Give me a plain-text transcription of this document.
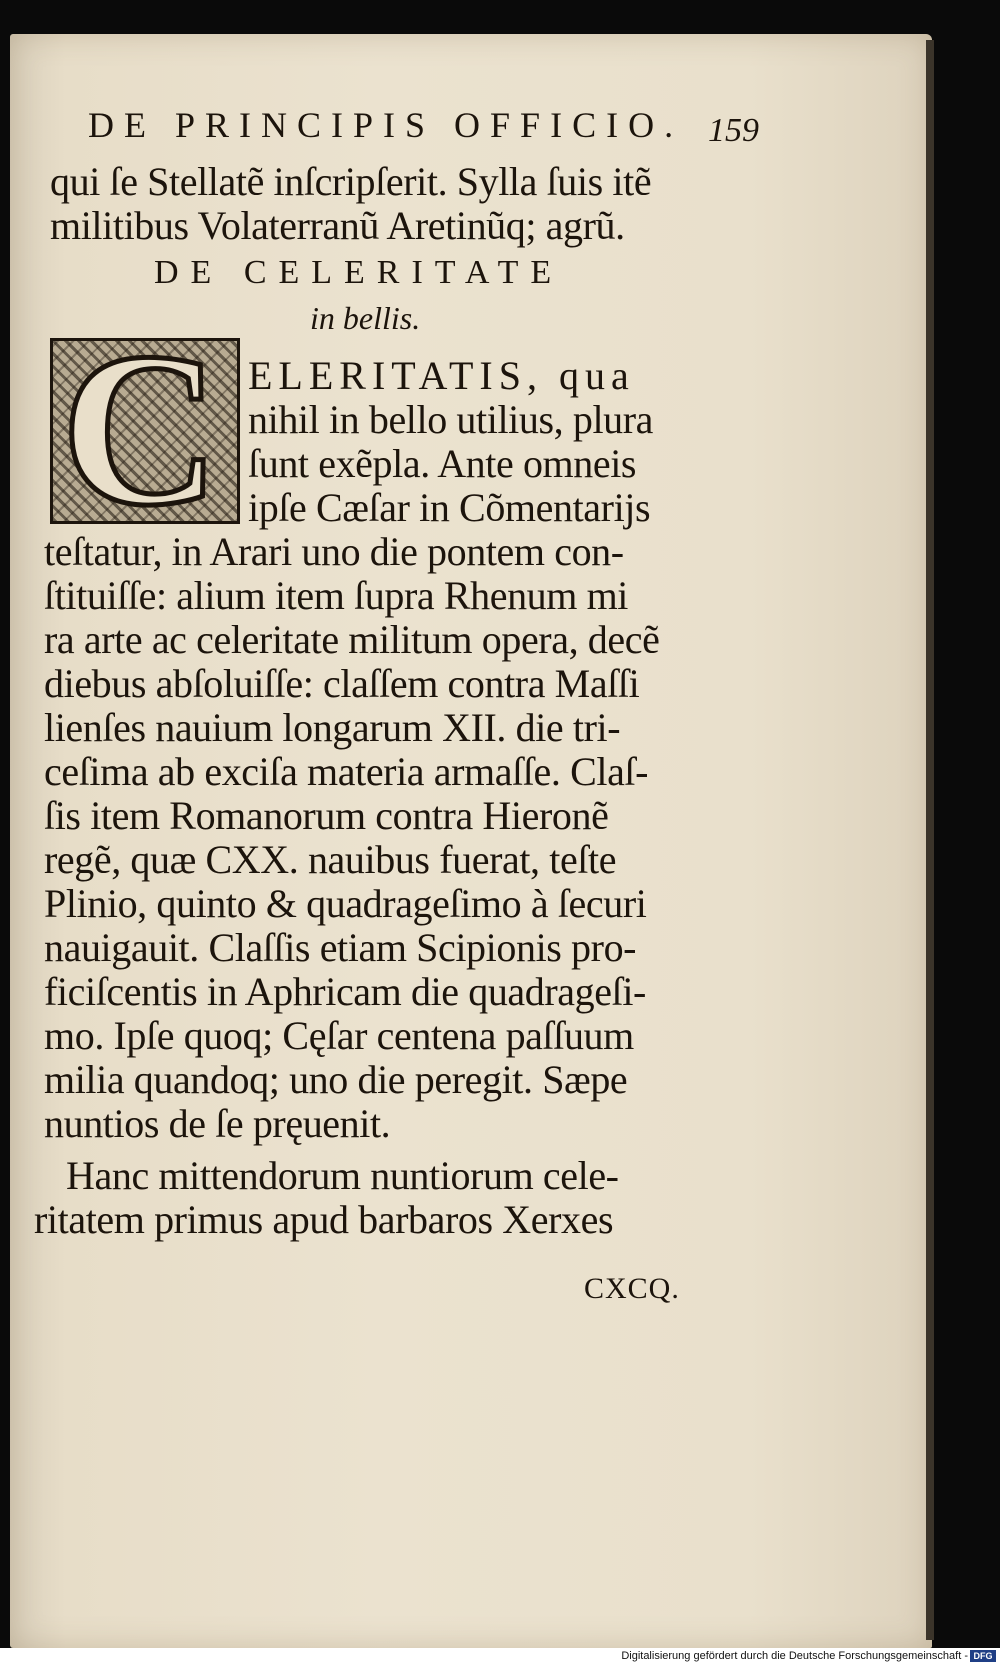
DE PRINCIPIS OFFICIO. 159
qui ſe Stellatẽ inſcripſerit. Sylla ſuis itẽ
militibus Volaterranũ Aretinũq; agrũ.
DE CELERITATE
in bellis.
C ELERITATIS, qua
nihil in bello utilius, plura
ſunt exẽpla. Ante omneis
ipſe Cæſar in Cõmentarijs
teſtatur, in Arari uno die pontem con-
ſtituiſſe: alium item ſupra Rhenum mi
ra arte ac celeritate militum opera, decẽ
diebus abſoluiſſe: claſſem contra Maſſi
lienſes nauium longarum XII. die tri-
ceſima ab exciſa materia armaſſe. Claſ-
ſis item Romanorum contra Hieronẽ
regẽ, quæ CXX. nauibus fuerat, teſte
Plinio, quinto & quadrageſimo à ſecuri
nauigauit. Claſſis etiam Scipionis pro-
ficiſcentis in Aphricam die quadrageſi-
mo. Ipſe quoq; Cęſar centena paſſuum
milia quandoq; uno die peregit. Sæpe
nuntios de ſe pręuenit.
Hanc mittendorum nuntiorum cele-
ritatem primus apud barbaros Xerxes
CXCQ.
Digitalisierung gefördert durch die Deutsche Forschungsgemeinschaft - DFG
